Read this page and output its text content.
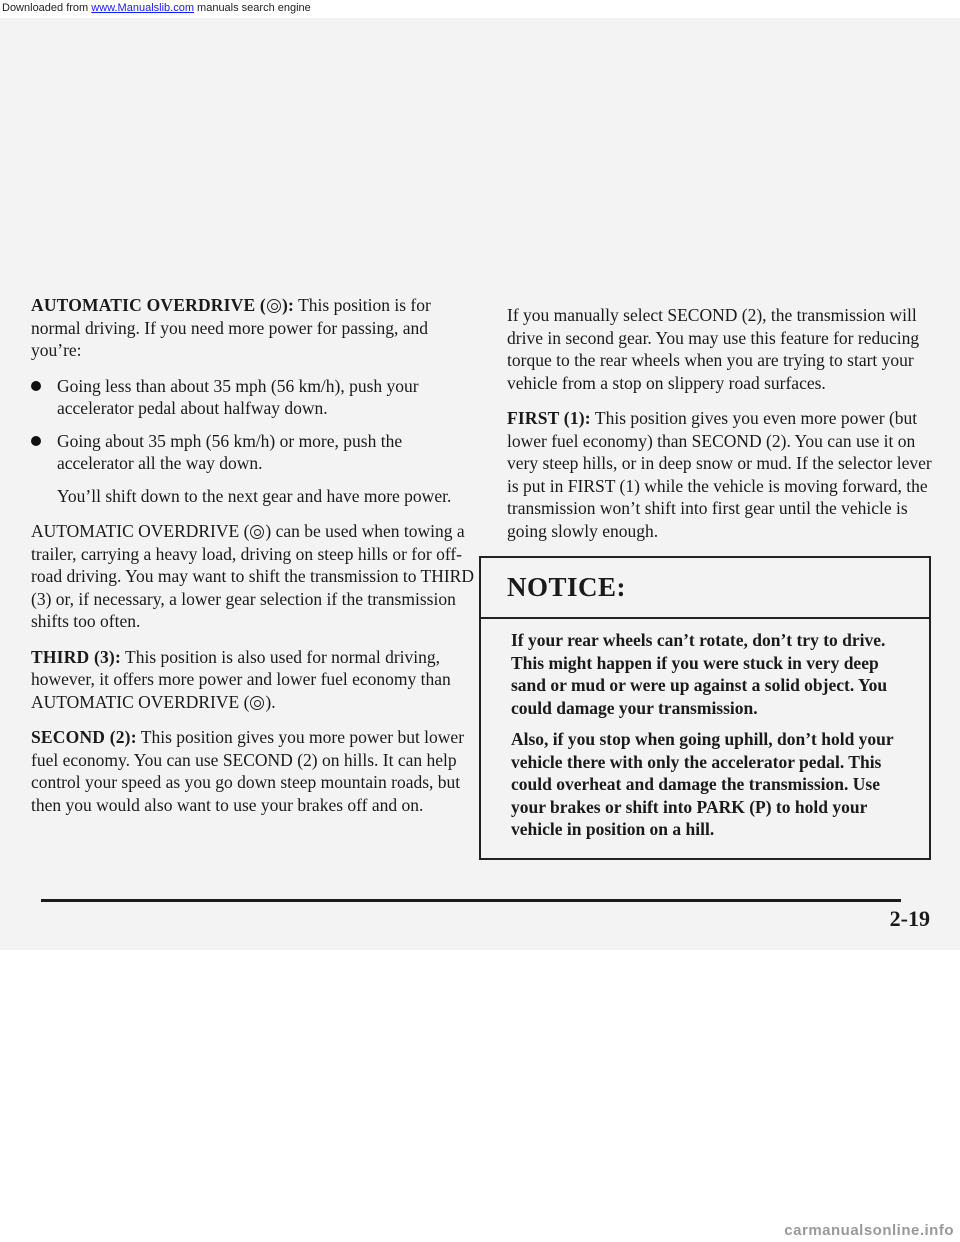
Downloaded from www.Manualslib.com manuals search engine

AUTOMATIC OVERDRIVE ( ): This position is for normal driving. If you need more power for passing, and you’re:

Going less than about 35 mph (56 km/h), push your accelerator pedal about halfway down.
Going about 35 mph (56 km/h) or more, push the accelerator all the way down.

You’ll shift down to the next gear and have more power.

AUTOMATIC OVERDRIVE ( ) can be used when towing a trailer, carrying a heavy load, driving on steep hills or for off-road driving. You may want to shift the transmission to THIRD (3) or, if necessary, a lower gear selection if the transmission shifts too often.

THIRD (3): This position is also used for normal driving, however, it offers more power and lower fuel economy than AUTOMATIC OVERDRIVE ( ).

SECOND (2): This position gives you more power but lower fuel economy. You can use SECOND (2) on hills. It can help control your speed as you go down steep mountain roads, but then you would also want to use your brakes off and on.

If you manually select SECOND (2), the transmission will drive in second gear. You may use this feature for reducing torque to the rear wheels when you are trying to start your vehicle from a stop on slippery road surfaces.

FIRST (1): This position gives you even more power (but lower fuel economy) than SECOND (2). You can use it on very steep hills, or in deep snow or mud. If the selector lever is put in FIRST (1) while the vehicle is moving forward, the transmission won’t shift into first gear until the vehicle is going slowly enough.

NOTICE:

If your rear wheels can’t rotate, don’t try to drive. This might happen if you were stuck in very deep sand or mud or were up against a solid object. You could damage your transmission.

Also, if you stop when going uphill, don’t hold your vehicle there with only the accelerator pedal. This could overheat and damage the transmission. Use your brakes or shift into PARK (P) to hold your vehicle in position on a hill.

2-19
carmanualsonline.info
